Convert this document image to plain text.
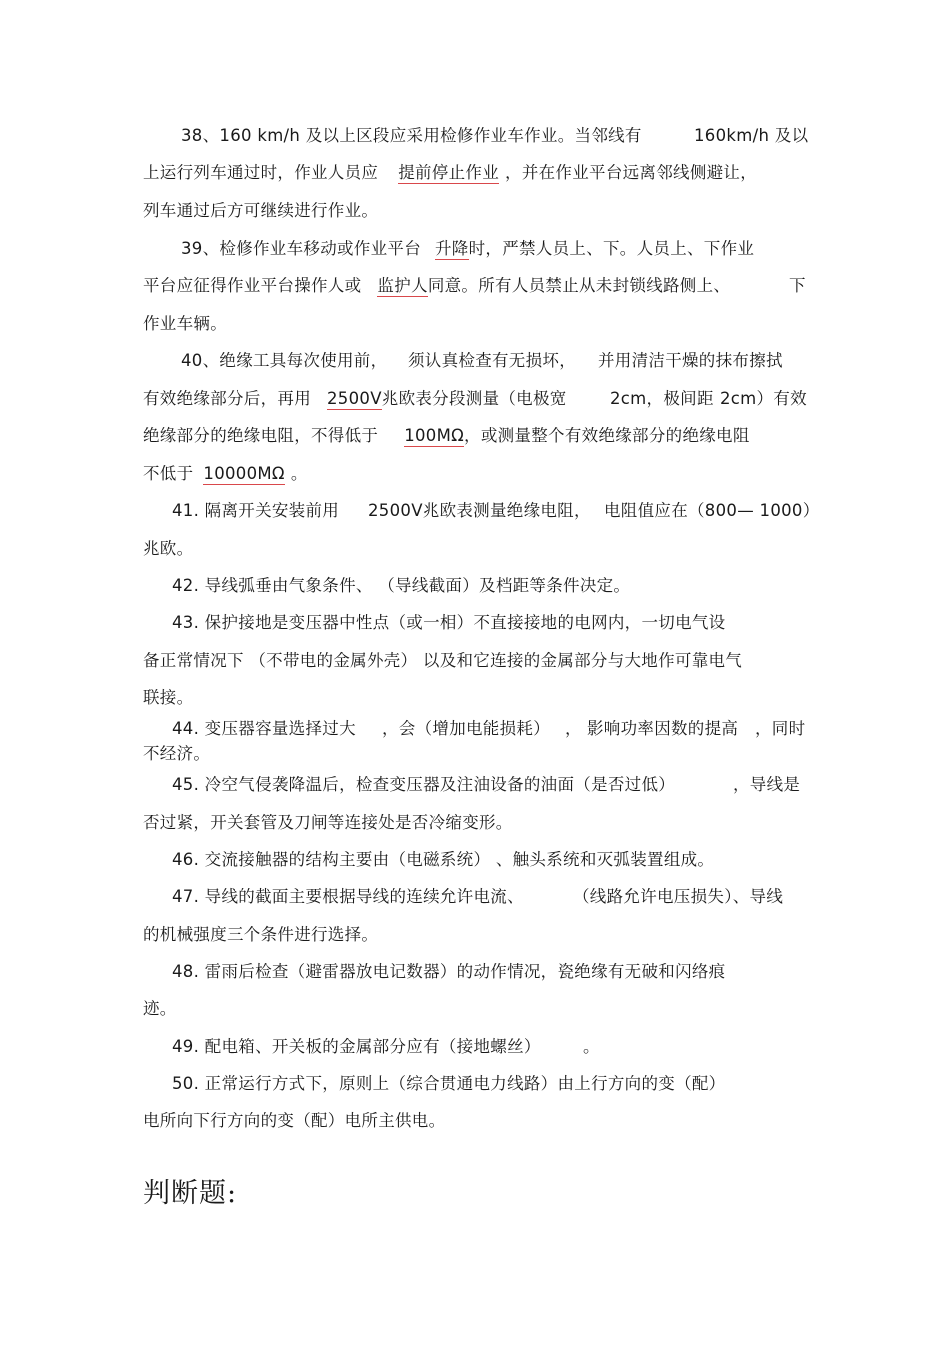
38、160 km/h 及以上区段应采用检修作业车作业。当邻线有	160km/h 及以
上运行列车通过时，作业人员应 提前停止作业 ，并在作业平台远离邻线侧避让，
列车通过后方可继续进行作业。
39、检修作业车移动或作业平台 升降时，严禁人员上、下。人员上、下作业
平台应征得作业平台操作人或 监护人同意。所有人员禁止从未封锁线路侧上、	下
作业车辆。
40、绝缘工具每次使用前， 须认真检查有无损坏， 并用清洁干燥的抹布擦拭
有效绝缘部分后，再用 2500V兆欧表分段测量（电极宽	2cm，极间距 2cm）有效
绝缘部分的绝缘电阻，不得低于 100MΩ，或测量整个有效绝缘部分的绝缘电阻
不低于 10000MΩ 。
41. 隔离开关安装前用 2500V兆欧表测量绝缘电阻， 电阻值应在（800— 1000）
兆欧。
42. 导线弧垂由气象条件、 （导线截面）及档距等条件决定。
43. 保护接地是变压器中性点（或一相）不直接接地的电网内，一切电气设
备正常情况下 （不带电的金属外壳） 以及和它连接的金属部分与大地作可靠电气
联接。
44. 变压器容量选择过大 ，会（增加电能损耗） ， 影响功率因数的提高 ，同时
不经济。
45. 冷空气侵袭降温后，检查变压器及注油设备的油面（是否过低）	，导线是
否过紧，开关套管及刀闸等连接处是否冷缩变形。
46. 交流接触器的结构主要由（电磁系统） 、触头系统和灭弧装置组成。
47. 导线的截面主要根据导线的连续允许电流、	（线路允许电压损失）、导线
的机械强度三个条件进行选择。
48. 雷雨后检查（避雷器放电记数器）的动作情况，瓷绝缘有无破和闪络痕
迹。
49. 配电箱、开关板的金属部分应有（接地螺丝）	。
50. 正常运行方式下，原则上（综合贯通电力线路）由上行方向的变（配）
电所向下行方向的变（配）电所主供电。
判断题:
